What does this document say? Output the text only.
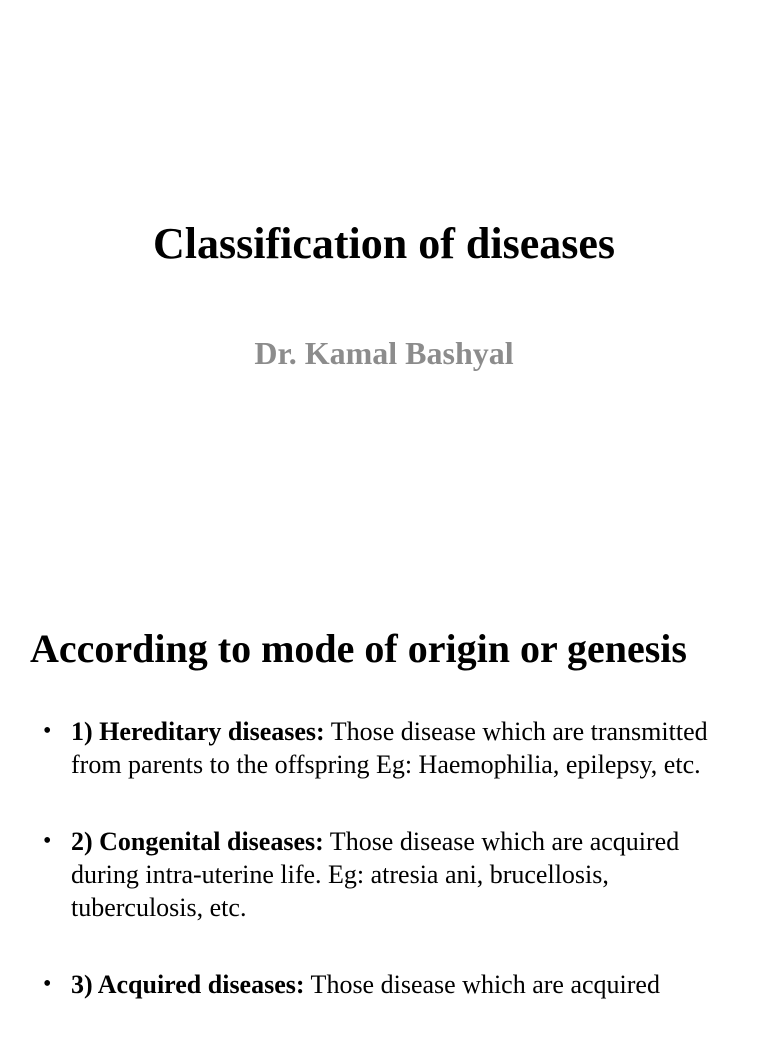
Classification of diseases
Dr. Kamal Bashyal
According to mode of origin or genesis
• 1) Hereditary diseases: Those disease which are transmitted from parents to the offspring Eg: Haemophilia, epilepsy, etc.
• 2) Congenital diseases: Those disease which are acquired during intra-uterine life. Eg: atresia ani, brucellosis, tuberculosis, etc.
• 3) Acquired diseases: Those disease which are acquired
